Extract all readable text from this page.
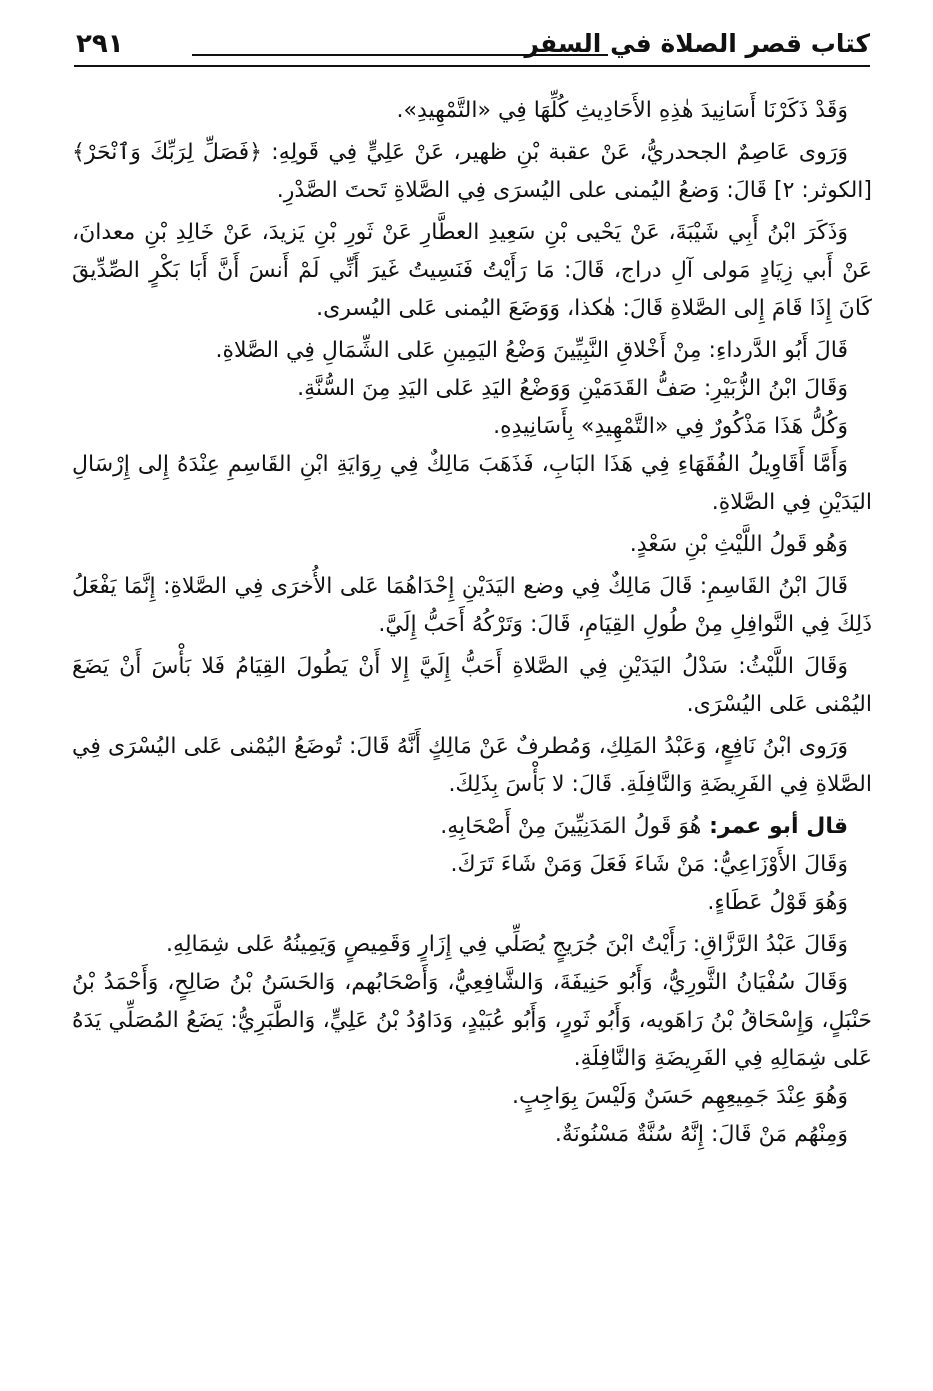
كتاب قصر الصلاة في السفر
٢٩١

وَقَدْ ذَكَرْنَا أَسَانِيدَ هٰذِهِ الأَحَادِيثِ كُلِّهَا فِي «التَّمْهِيدِ».

وَرَوى عَاصِمٌ الجحدريُّ، عَنْ عقبة بْنِ ظهير، عَنْ عَلِيٍّ فِي قَولِهِ: ﴿فَصَلِّ لِرَبِّكَ وَٱنْحَرْ﴾ [الكوثر: ٢] قَالَ: وَضعُ اليُمنى على اليُسرَى فِي الصَّلاةِ تَحتَ الصَّدْرِ.

وَذَكَرَ ابْنُ أَبِي شَيْبَةَ، عَنْ يَحْيى بْنِ سَعِيدِ العطَّارِ عَنْ ثَورِ بْنِ يَزيدَ، عَنْ خَالِدِ بْنِ معدانَ، عَنْ أَبي زِيَادٍ مَولى آلِ دراج، قَالَ: مَا رَأَيْتُ فَنَسِيتُ غَيرَ أَنِّي لَمْ أَنسَ أَنَّ أَبَا بَكْرٍ الصِّدِّيقَ كَانَ إِذَا قَامَ إِلى الصَّلاةِ قَالَ: هٰكذا، وَوَضَعَ اليُمنى عَلى اليُسرى.

قَالَ أَبُو الدَّرداءِ: مِنْ أَخْلاقِ النَّبِيِّينَ وَضْعُ اليَمِينِ عَلى الشِّمَالِ فِي الصَّلاةِ.

وَقَالَ ابْنُ الزُّبَيْرِ: صَفُّ القَدَمَيْنِ وَوَضْعُ اليَدِ عَلى اليَدِ مِنَ السُّنَّةِ.

وَكُلُّ هَذَا مَذْكُورٌ فِي «التَّمْهِيدِ» بِأَسَانِيدِهِ.

وَأَمَّا أَقَاوِيلُ الفُقَهَاءِ فِي هَذَا البَابِ، فَذَهَبَ مَالِكٌ فِي رِوَايَةِ ابْنِ القَاسِمِ عِنْدَهُ إِلى إِرْسَالِ اليَدَيْنِ فِي الصَّلاةِ.

وَهُو قَولُ اللَّيْثِ بْنِ سَعْدٍ.

قَالَ ابْنُ القَاسِمِ: قَالَ مَالِكٌ فِي وضع اليَدَيْنِ إِحْدَاهُمَا عَلى الأُخرَى فِي الصَّلاةِ: إِنَّمَا يَفْعَلُ ذَلِكَ فِي النَّوافِلِ مِنْ طُولِ القِيَامِ، قَالَ: وَتَرْكُهُ أَحَبُّ إِلَيَّ.

وَقَالَ اللَّيْثُ: سَدْلُ اليَدَيْنِ فِي الصَّلاةِ أَحَبُّ إِلَيَّ إِلا أَنْ يَطُولَ القِيَامُ فَلا بَأْسَ أَنْ يَضَعَ اليُمْنى عَلى اليُسْرَى.

وَرَوى ابْنُ نَافِعٍ، وَعَبْدُ المَلِكِ، وَمُطرفٌ عَنْ مَالِكٍ أَنَّهُ قَالَ: تُوضَعُ اليُمْنى عَلى اليُسْرَى فِي الصَّلاةِ فِي الفَرِيضَةِ وَالنَّافِلَةِ. قَالَ: لا بَأْسَ بِذَلِكَ.

قال أبو عمر: هُوَ قَولُ المَدَنِيِّينَ مِنْ أَصْحَابِهِ.

وَقَالَ الأَوْزَاعِيُّ: مَنْ شَاءَ فَعَلَ وَمَنْ شَاءَ تَرَكَ.

وَهُوَ قَوْلُ عَطَاءٍ.

وَقَالَ عَبْدُ الرَّزَّاقِ: رَأَيْتُ ابْنَ جُرَيجٍ يُصَلِّي فِي إِزَارٍ وَقَمِيصٍ وَيَمِينُهُ عَلى شِمَالِهِ.

وَقَالَ سُفْيَانُ الثَّورِيُّ، وَأَبُو حَنِيفَةَ، وَالشَّافِعِيُّ، وَأَصْحَابُهم، وَالحَسَنُ بْنُ صَالِحٍ، وَأَحْمَدُ بْنُ حَنْبَلٍ، وَإِسْحَاقُ بْنُ رَاهَويه، وَأَبُو ثَورٍ، وَأَبُو عُبَيْدٍ، وَدَاوُدُ بْنُ عَلِيٍّ، وَالطَّبَرِيُّ: يَضَعُ المُصَلِّي يَدَهُ عَلى شِمَالِهِ فِي الفَرِيضَةِ وَالنَّافِلَةِ.

وَهُوَ عِنْدَ جَمِيعِهِم حَسَنٌ وَلَيْسَ بِوَاجِبٍ.

وَمِنْهُم مَنْ قَالَ: إِنَّهُ سُنَّةٌ مَسْنُونَةٌ.
